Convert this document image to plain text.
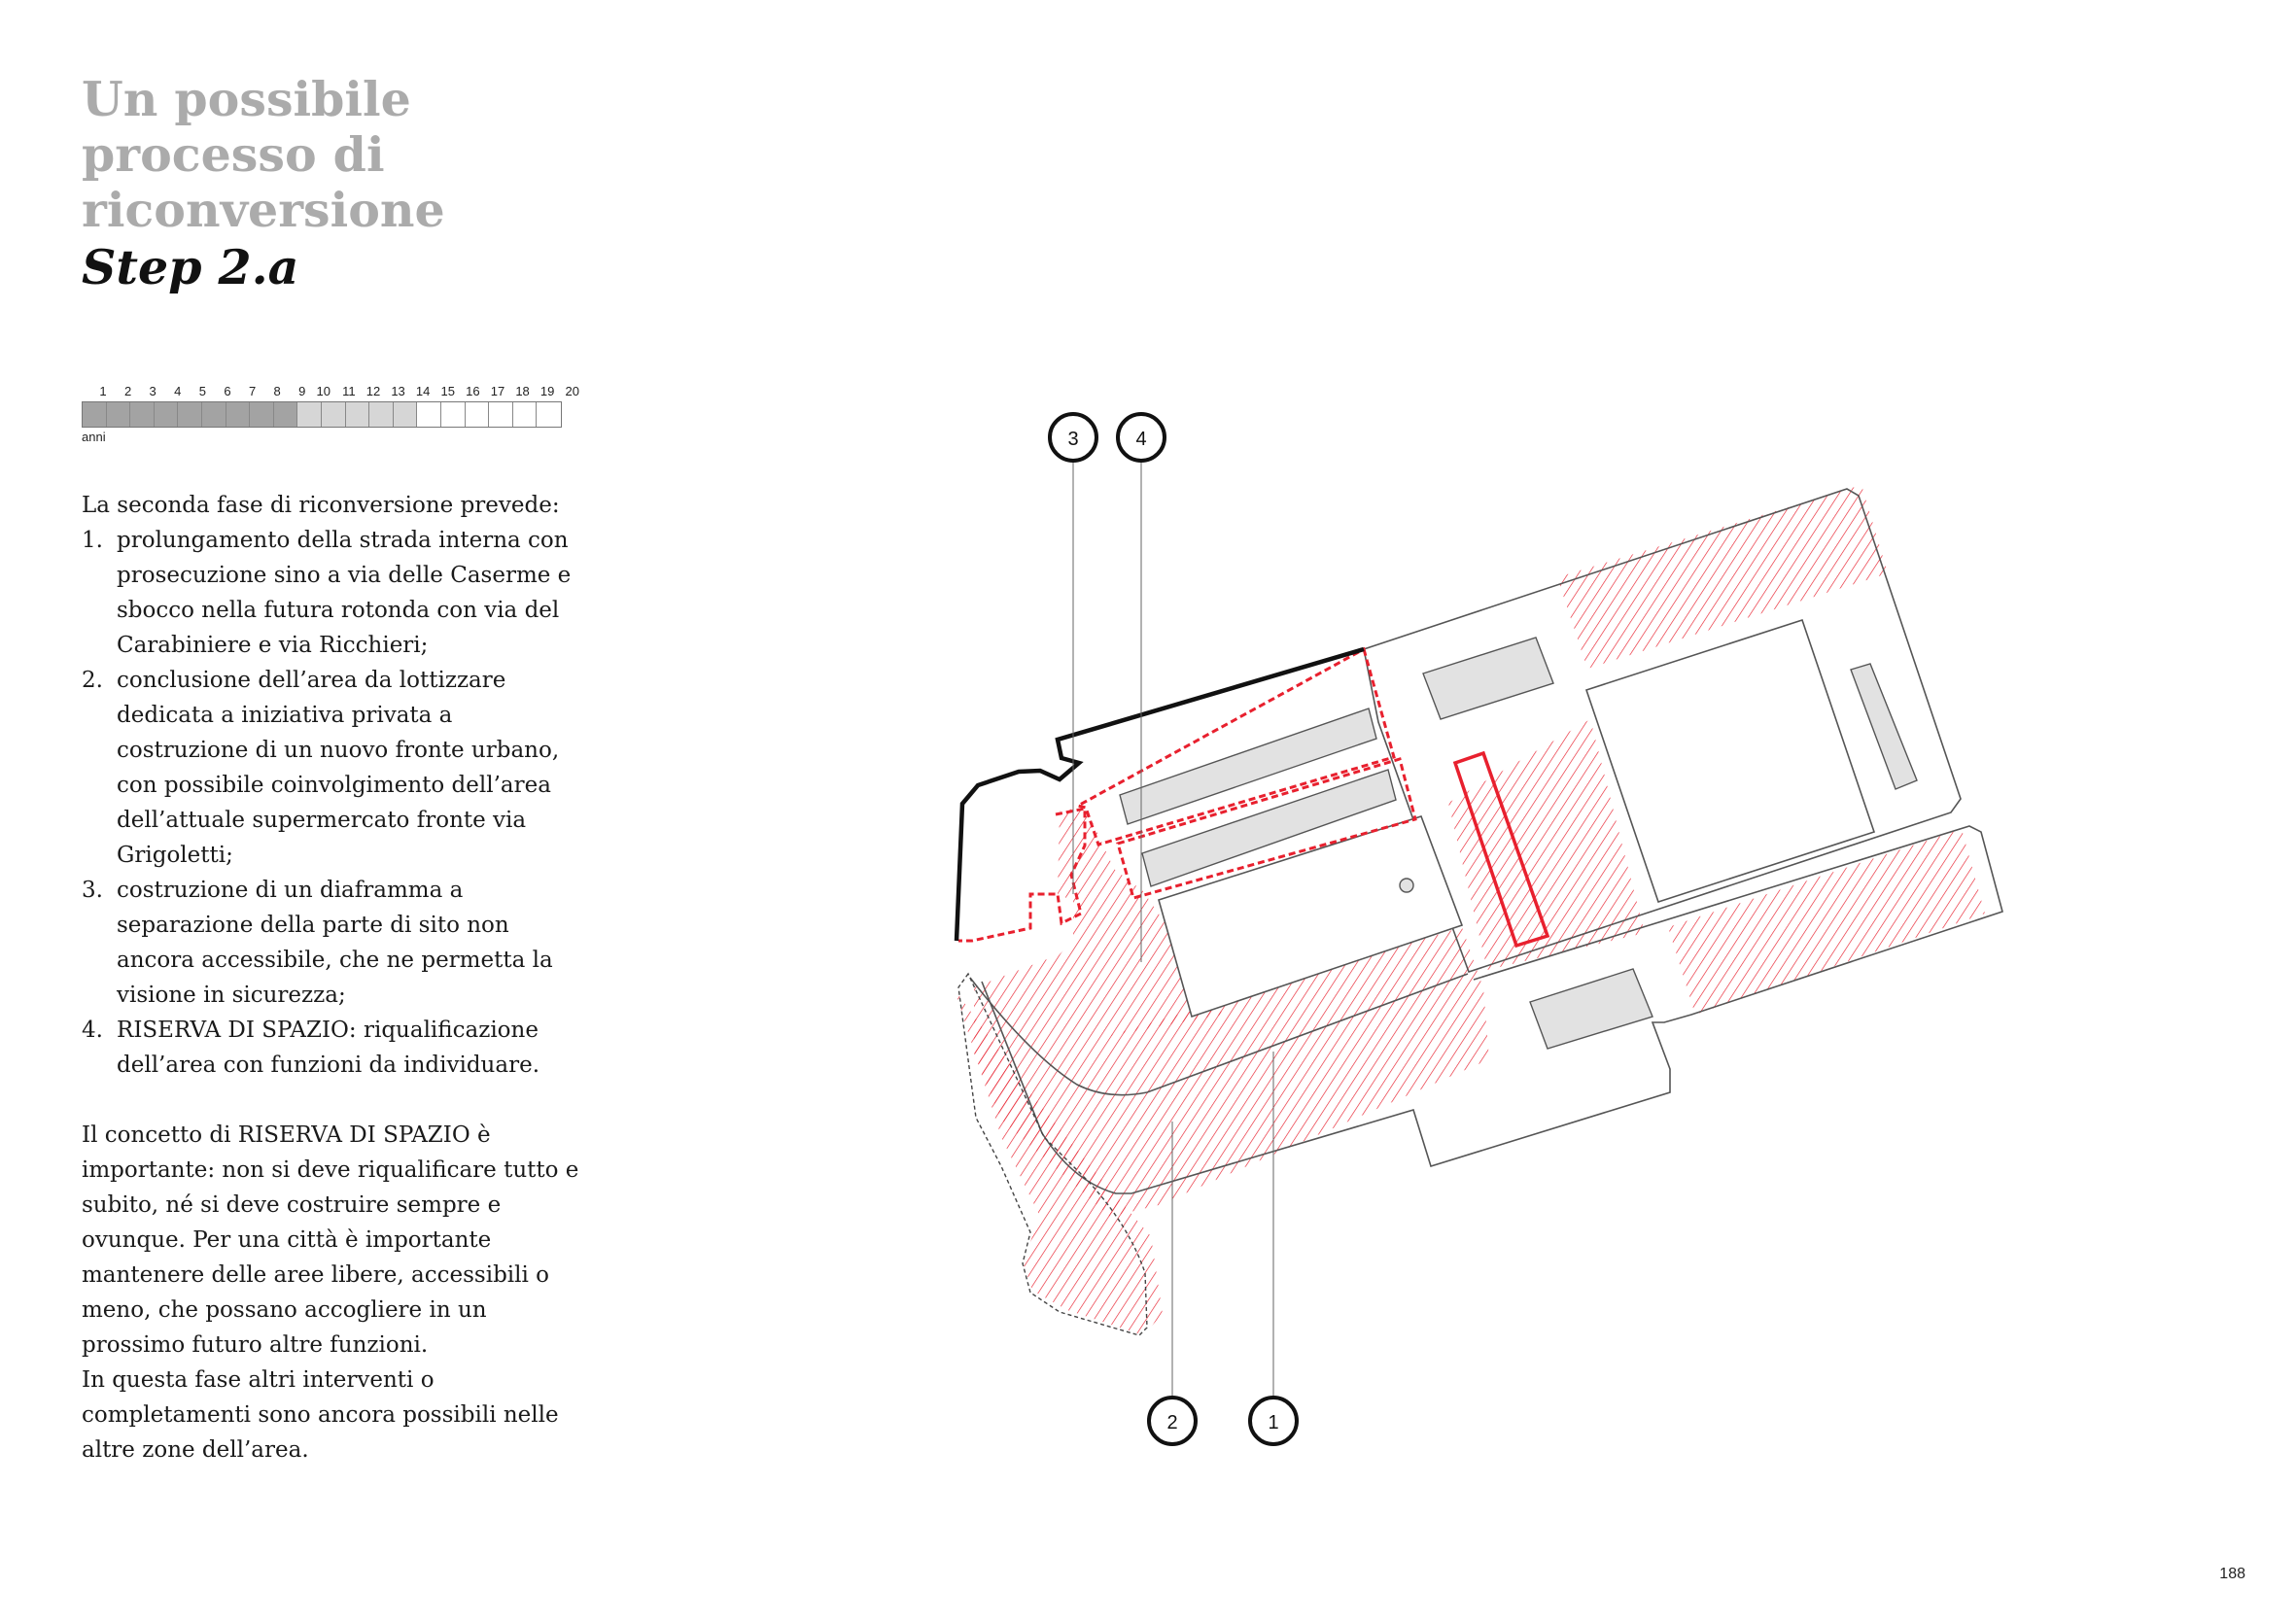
Un possibile
processo di
riconversione
Step 2.a
1	2	3	4	5	6	7	8	9 10 11 12 13 14 15 16 17 18 19 20
anni

La seconda fase di riconversione prevede:

1. prolungamento della strada interna con prosecuzione sino a via delle Caserme e sbocco nella futura rotonda con via del Carabiniere e via Ricchieri;
2. conclusione dell’area da lottizzare dedicata a iniziativa privata a costruzione di un nuovo fronte urbano, con possibile coinvolgimento dell’area dell’attuale supermercato fronte via Grigoletti;
3. costruzione di un diaframma a separazione della parte di sito non ancora accessibile, che ne permetta la visione in sicurezza;
4. RISERVA DI SPAZIO: riqualificazione dell’area con funzioni da individuare.

Il concetto di RISERVA DI SPAZIO è importante: non si deve riqualificare tutto e subito, né si deve costruire sempre e ovunque. Per una città è importante mantenere delle aree libere, accessibili o meno, che possano accogliere in un prossimo futuro altre funzioni.

In questa fase altri interventi o completamenti sono ancora possibili nelle altre zone dell’area.

3	4
2	1
188
